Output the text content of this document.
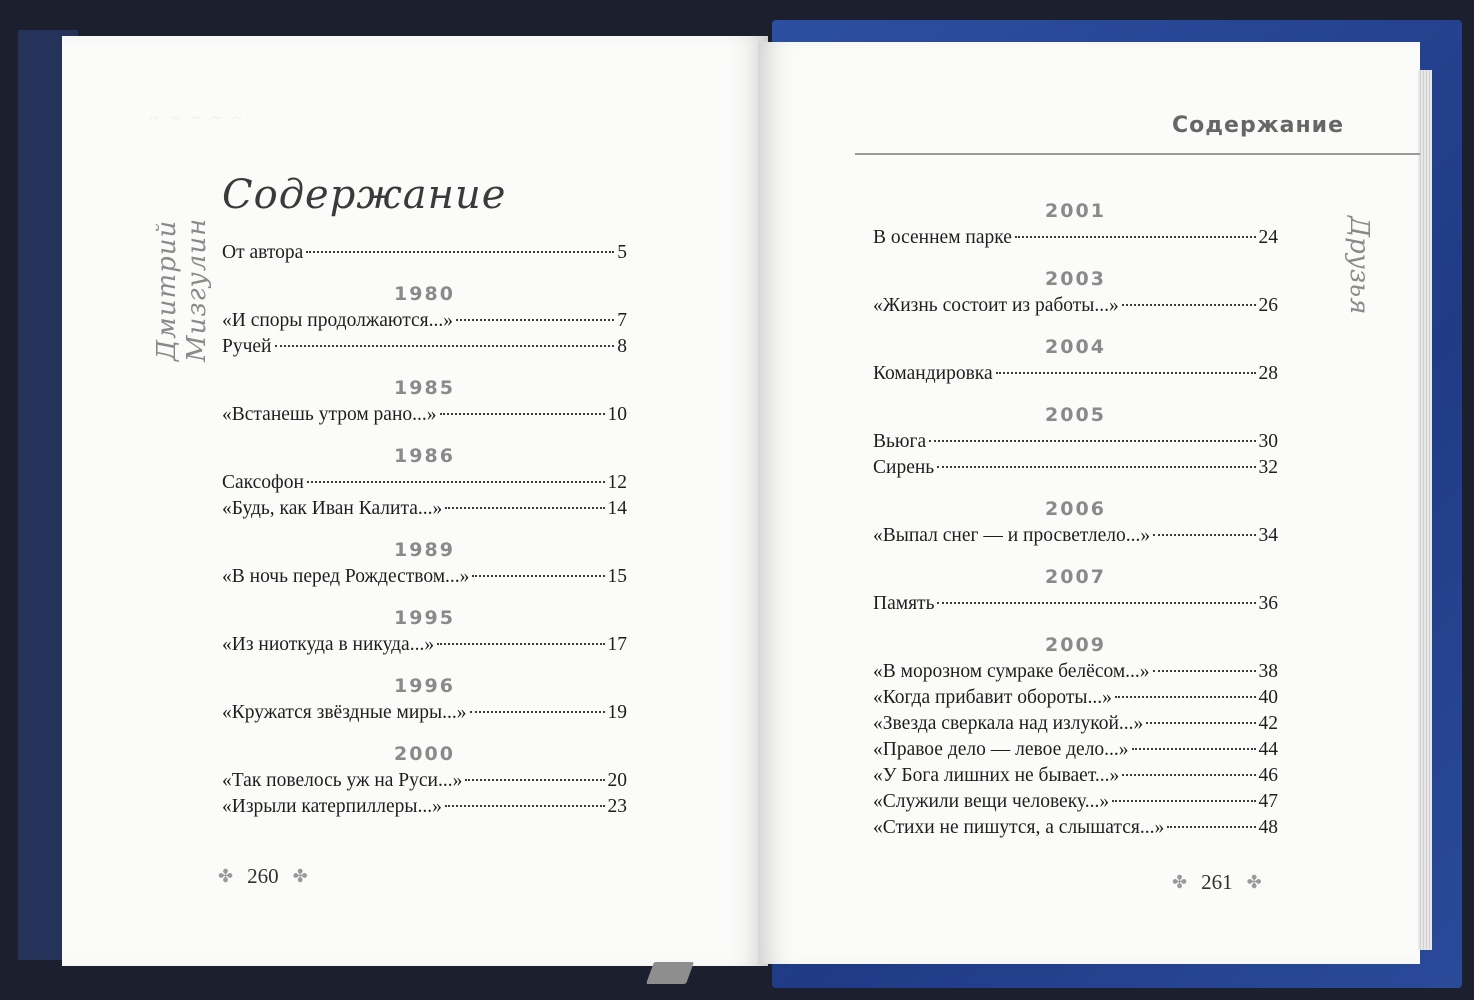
~ ~ ~ ~ ~
Дмитрий Мизгулин	Друзья
Содержание
Содержание
От автора	5
1980
«И споры продолжаются...»	7
Ручей	8
1985
«Встанешь утром рано...»	10
1986
Саксофон	12
«Будь, как Иван Калита...»	14
1989
«В ночь перед Рождеством...»	15
1995
«Из ниоткуда в никуда...»	17
1996
«Кружатся звёздные миры...»	19
2000
«Так повелось уж на Руси...»	20
«Изрыли катерпиллеры...»	23
2001
В осеннем парке	24
2003
«Жизнь состоит из работы...»	26
2004
Командировка	28
2005
Вьюга	30
Сирень	32
2006
«Выпал снег — и просветлело...»	34
2007
Память	36
2009
«В морозном сумраке белёсом...»	38
«Когда прибавит обороты...»	40
«Звезда сверкала над излукой...»	42
«Правое дело — левое дело...»	44
«У Бога лишних не бывает...»	46
«Служили вещи человеку...»	47
«Стихи не пишутся, а слышатся...»	48
✤ 260 ✤	✤ 261 ✤
